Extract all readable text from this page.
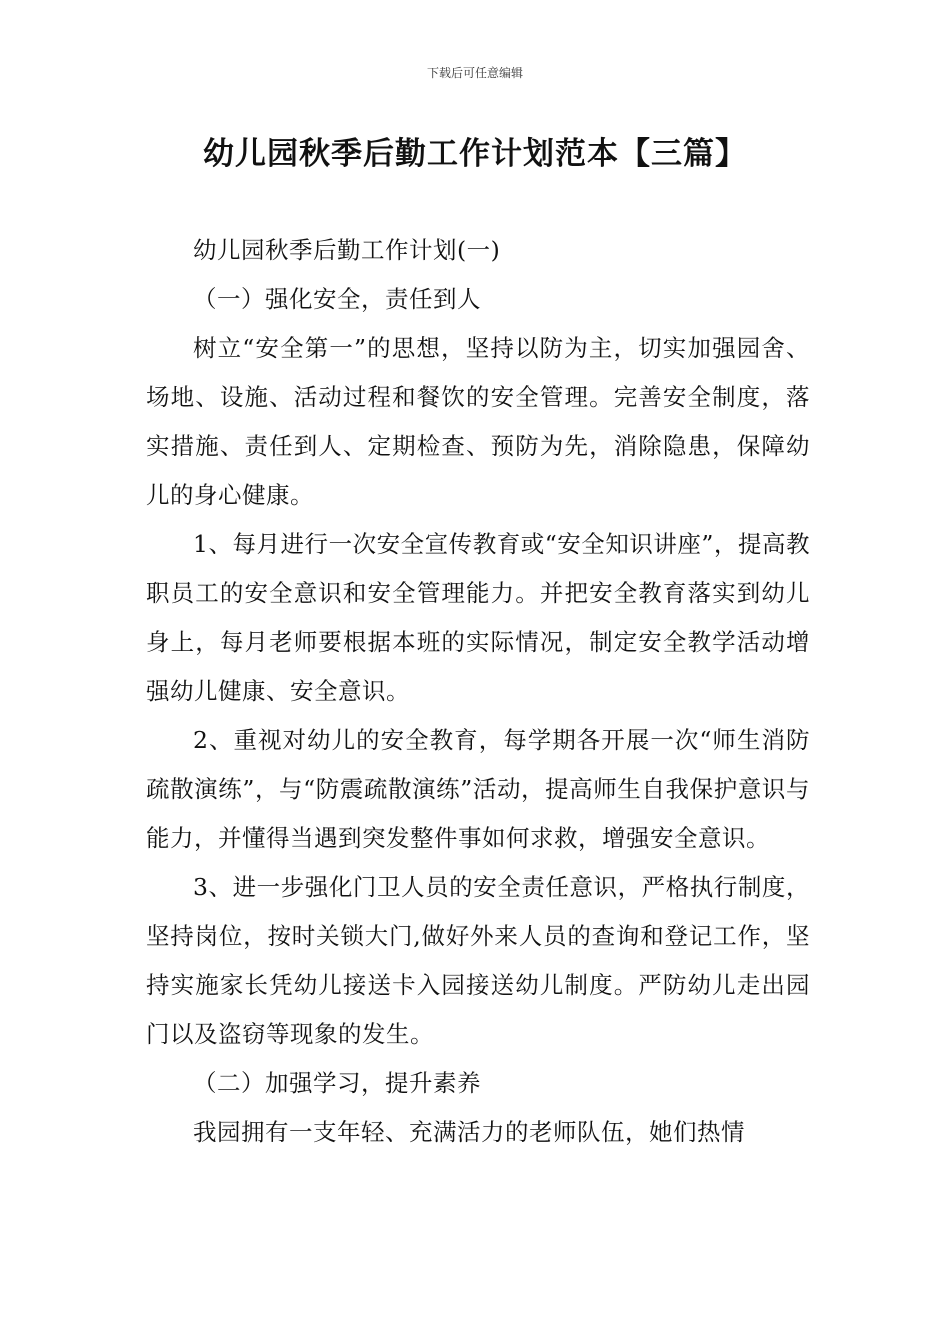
下载后可任意编辑
幼儿园秋季后勤工作计划范本【三篇】

幼儿园秋季后勤工作计划(一)

（一）强化安全，责任到人

树立“安全第一”的思想，坚持以防为主，切实加强园舍、场地、设施、活动过程和餐饮的安全管理。完善安全制度，落实措施、责任到人、定期检查、预防为先，消除隐患，保障幼儿的身心健康。

1、每月进行一次安全宣传教育或“安全知识讲座”，提高教职员工的安全意识和安全管理能力。并把安全教育落实到幼儿身上，每月老师要根据本班的实际情况，制定安全教学活动增强幼儿健康、安全意识。

2、重视对幼儿的安全教育，每学期各开展一次“师生消防疏散演练”，与“防震疏散演练”活动，提高师生自我保护意识与能力，并懂得当遇到突发整件事如何求救，增强安全意识。

3、进一步强化门卫人员的安全责任意识，严格执行制度，坚持岗位，按时关锁大门,做好外来人员的查询和登记工作，坚持实施家长凭幼儿接送卡入园接送幼儿制度。严防幼儿走出园门以及盗窃等现象的发生。

（二）加强学习，提升素养

我园拥有一支年轻、充满活力的老师队伍，她们热情
